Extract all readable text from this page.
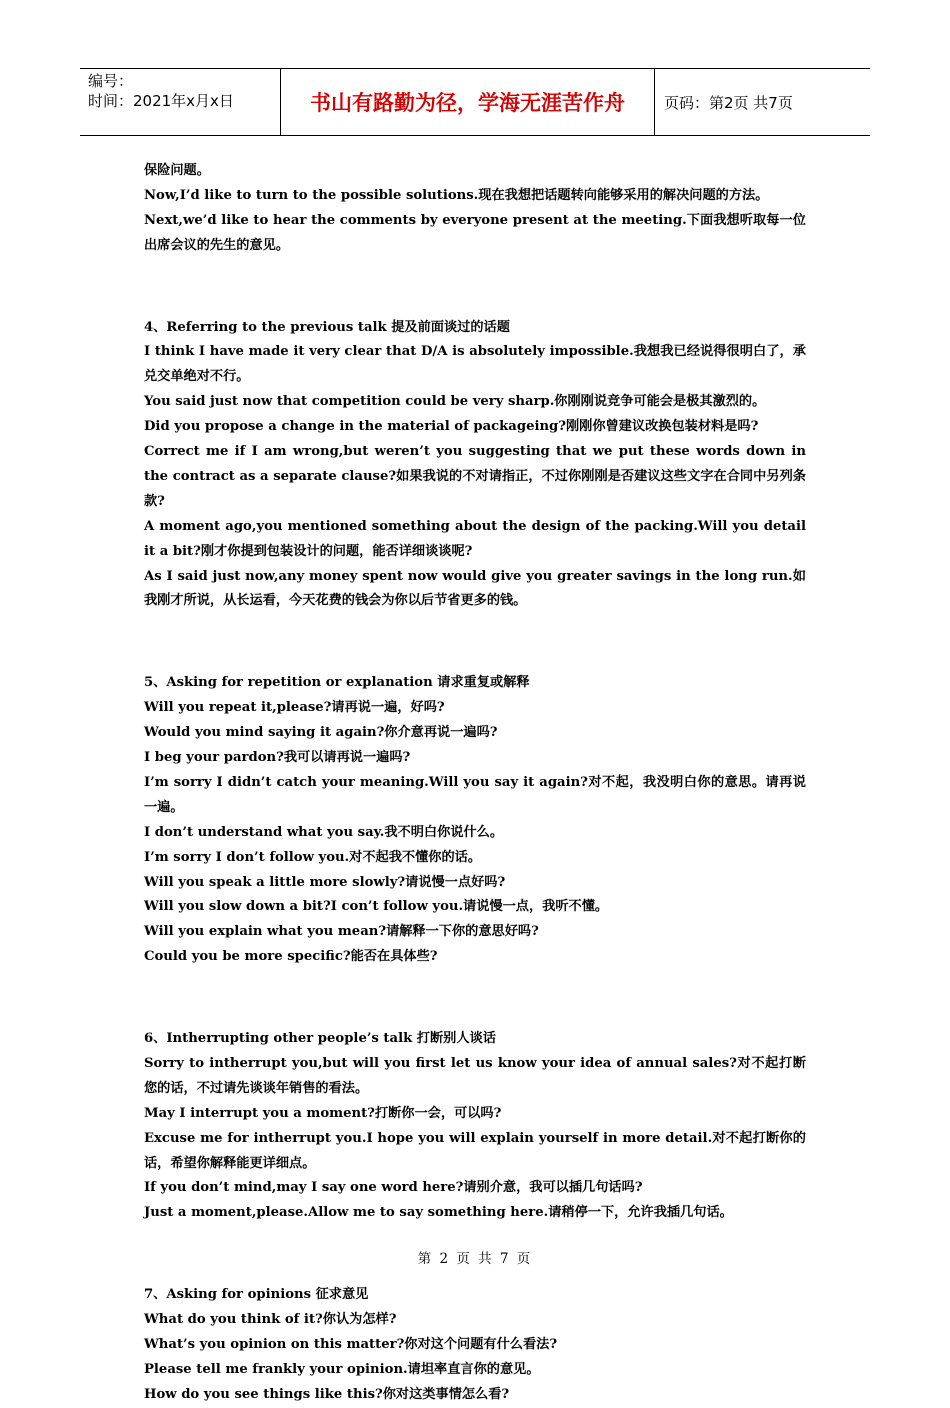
编号：
时间：2021年x月x日	书山有路勤为径，学海无涯苦作舟	页码：第2页 共7页

保险问题。

Now,I’d like to turn to the possible solutions.现在我想把话题转向能够采用的解决问题的方法。

Next,we’d like to hear the comments by everyone present at the meeting.下面我想听取每一位出席会议的先生的意见。

4、Referring to the previous talk 提及前面谈过的话题

I think I have made it very clear that D/A is absolutely impossible.我想我已经说得很明白了，承兑交单绝对不行。

You said just now that competition could be very sharp.你刚刚说竞争可能会是极其激烈的。

Did you propose a change in the material of packageing?刚刚你曾建议改换包装材料是吗?

Correct me if I am wrong,but weren’t you suggesting that we put these words down in the contract as a separate clause?如果我说的不对请指正，不过你刚刚是否建议这些文字在合同中另列条款?

A moment ago,you mentioned something about the design of the packing.Will you detail it a bit?刚才你提到包装设计的问题，能否详细谈谈呢?

As I said just now,any money spent now would give you greater savings in the long run.如我刚才所说，从长运看，今天花费的钱会为你以后节省更多的钱。

5、Asking for repetition or explanation 请求重复或解释

Will you repeat it,please?请再说一遍，好吗?

Would you mind saying it again?你介意再说一遍吗?

I beg your pardon?我可以请再说一遍吗?

I’m sorry I didn’t catch your meaning.Will you say it again?对不起，我没明白你的意思。请再说一遍。

I don’t understand what you say.我不明白你说什么。

I’m sorry I don’t follow you.对不起我不懂你的话。

Will you speak a little more slowly?请说慢一点好吗?

Will you slow down a bit?I con’t follow you.请说慢一点，我听不懂。

Will you explain what you mean?请解释一下你的意思好吗?

Could you be more specific?能否在具体些?

6、Intherrupting other people’s talk 打断别人谈话

Sorry to intherrupt you,but will you first let us know your idea of annual sales?对不起打断您的话，不过请先谈谈年销售的看法。

May I interrupt you a moment?打断你一会，可以吗?

Excuse me for intherrupt you.I hope you will explain yourself in more detail.对不起打断你的话，希望你解释能更详细点。

If you don’t mind,may I say one word here?请别介意，我可以插几句话吗?

Just a moment,please.Allow me to say something here.请稍停一下，允许我插几句话。

7、Asking for opinions 征求意见

What do you think of it?你认为怎样?

What’s you opinion on this matter?你对这个问题有什么看法?

Please tell me frankly your opinion.请坦率直言你的意见。

How do you see things like this?你对这类事情怎么看?

第 2 页 共 7 页
